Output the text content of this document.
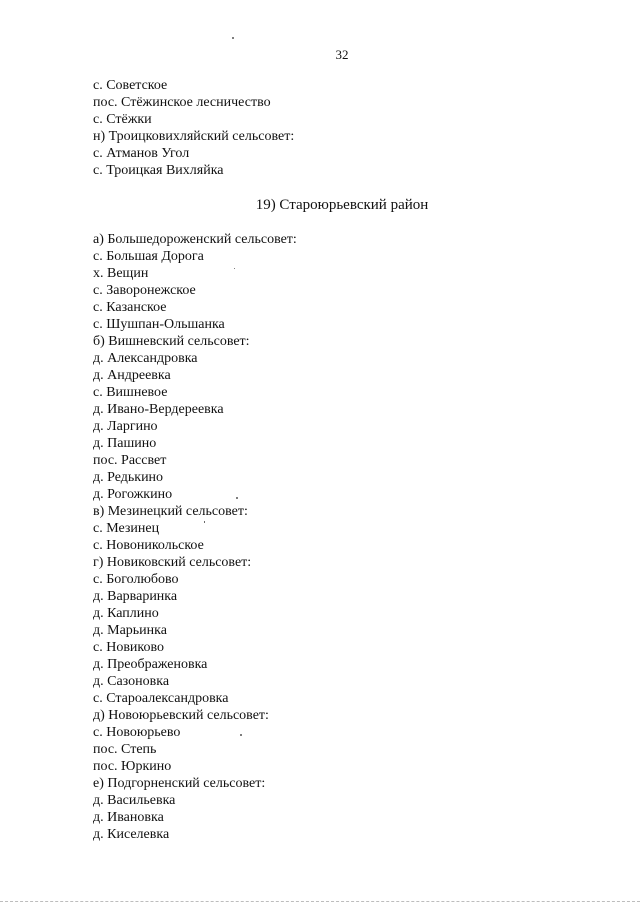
32
с. Советское
пос. Стёжинское лесничество
с. Стёжки
н) Троицковихляйский сельсовет:
с. Атманов Угол
с. Троицкая Вихляйка
19) Староюрьевский район
а) Большедороженский сельсовет:
с. Большая Дорога
х. Вещин
с. Заворонежское
с. Казанское
с. Шушпан-Ольшанка
б) Вишневский сельсовет:
д. Александровка
д. Андреевка
с. Вишневое
д. Ивано-Вердереевка
д. Ларгино
д. Пашино
пос. Рассвет
д. Редькино
д. Рогожкино
в) Мезинецкий сельсовет:
с. Мезинец
с. Новоникольское
г) Новиковский сельсовет:
с. Боголюбово
д. Варваринка
д. Каплино
д. Марьинка
с. Новиково
д. Преображеновка
д. Сазоновка
с. Староалександровка
д) Новоюрьевский сельсовет:
с. Новоюрьево
пос. Степь
пос. Юркино
е) Подгорненский сельсовет:
д. Васильевка
д. Ивановка
д. Киселевка
